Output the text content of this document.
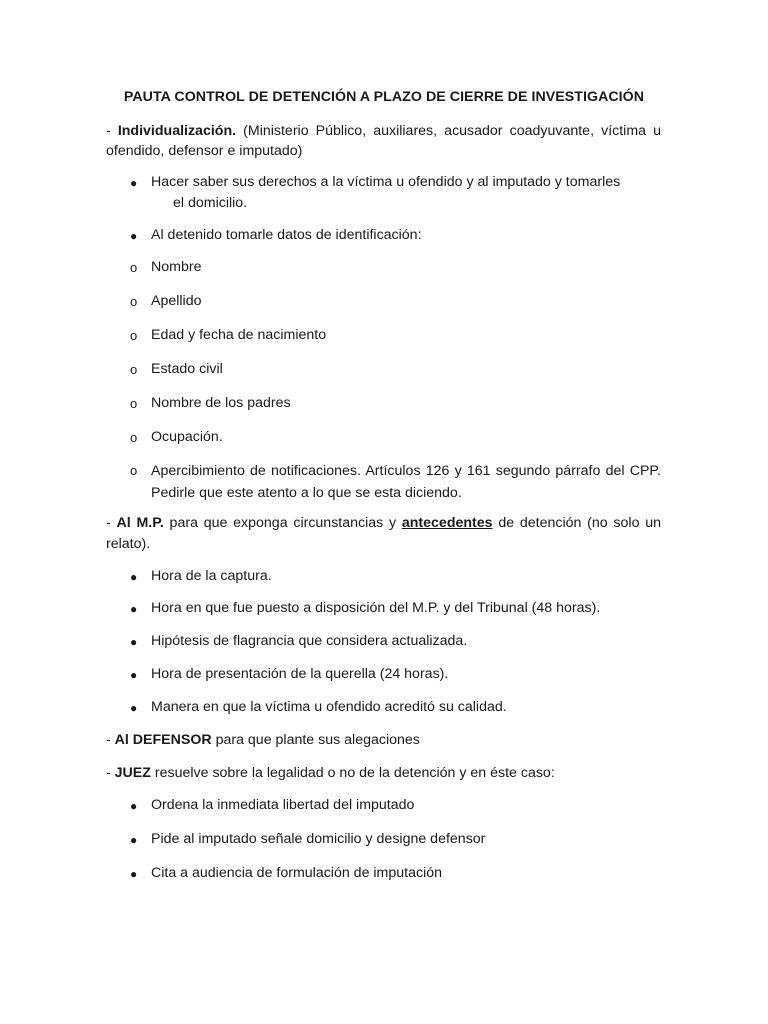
PAUTA CONTROL DE DETENCIÓN A PLAZO DE CIERRE DE INVESTIGACIÓN
- Individualización. (Ministerio Público, auxiliares, acusador coadyuvante, víctima u ofendido, defensor e imputado)
● Hacer saber sus derechos a la víctima u ofendido y al imputado y tomarles
el domicilio.
● Al detenido tomarle datos de identificación:
o Nombre
o Apellido
o Edad y fecha de nacimiento
o Estado civil
o Nombre de los padres
o Ocupación.
o Apercibimiento de notificaciones. Artículos 126 y 161 segundo párrafo del CPP. Pedirle que este atento a lo que se esta diciendo.
- Al M.P. para que exponga circunstancias y antecedentes de detención (no solo un relato).
● Hora de la captura.
● Hora en que fue puesto a disposición del M.P. y del Tribunal (48 horas).
● Hipótesis de flagrancia que considera actualizada.
● Hora de presentación de la querella (24 horas).
● Manera en que la víctima u ofendido acreditó su calidad.
- Al DEFENSOR para que plante sus alegaciones
- JUEZ resuelve sobre la legalidad o no de la detención y en éste caso:
● Ordena la inmediata libertad del imputado
● Pide al imputado señale domicilio y designe defensor
● Cita a audiencia de formulación de imputación
